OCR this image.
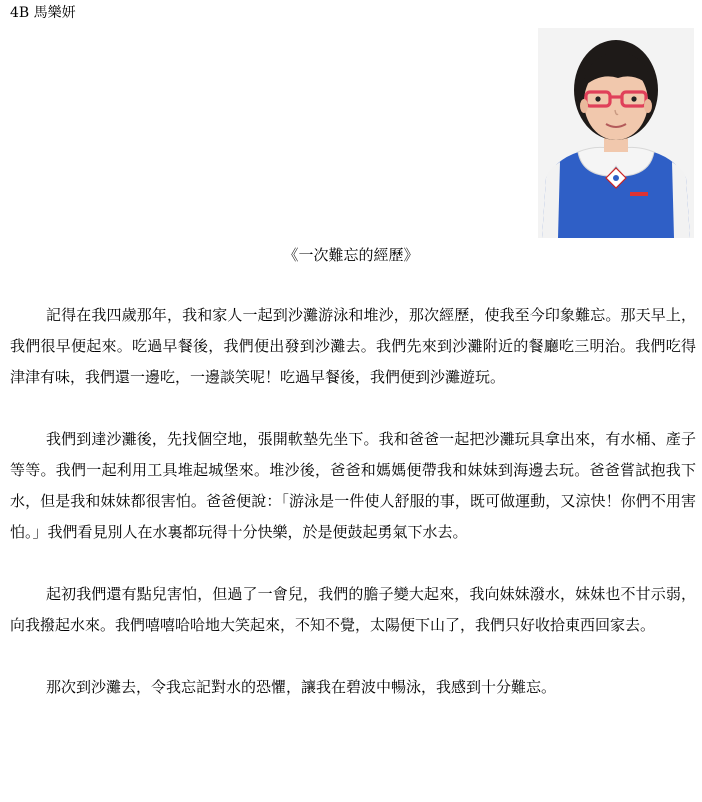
4B 馬樂妍
《一次難忘的經歷》

記得在我四歲那年，我和家人一起到沙灘游泳和堆沙，那次經歷，使我至今印象難忘。那天早上，我們很早便起來。吃過早餐後，我們便出發到沙灘去。我們先來到沙灘附近的餐廳吃三明治。我們吃得津津有味，我們還一邊吃，一邊談笑呢！吃過早餐後，我們便到沙灘遊玩。

我們到達沙灘後，先找個空地，張開軟墊先坐下。我和爸爸一起把沙灘玩具拿出來，有水桶、產子等等。我們一起利用工具堆起城堡來。堆沙後，爸爸和媽媽便帶我和妹妹到海邊去玩。爸爸嘗試抱我下水，但是我和妹妹都很害怕。爸爸便說：「游泳是一件使人舒服的事，既可做運動，又涼快！你們不用害怕。」我們看見別人在水裏都玩得十分快樂，於是便鼓起勇氣下水去。

起初我們還有點兒害怕，但過了一會兒，我們的膽子變大起來，我向妹妹潑水，妹妹也不甘示弱，向我撥起水來。我們嘻嘻哈哈地大笑起來，不知不覺，太陽便下山了，我們只好收拾東西回家去。

那次到沙灘去，令我忘記對水的恐懼，讓我在碧波中暢泳，我感到十分難忘。
